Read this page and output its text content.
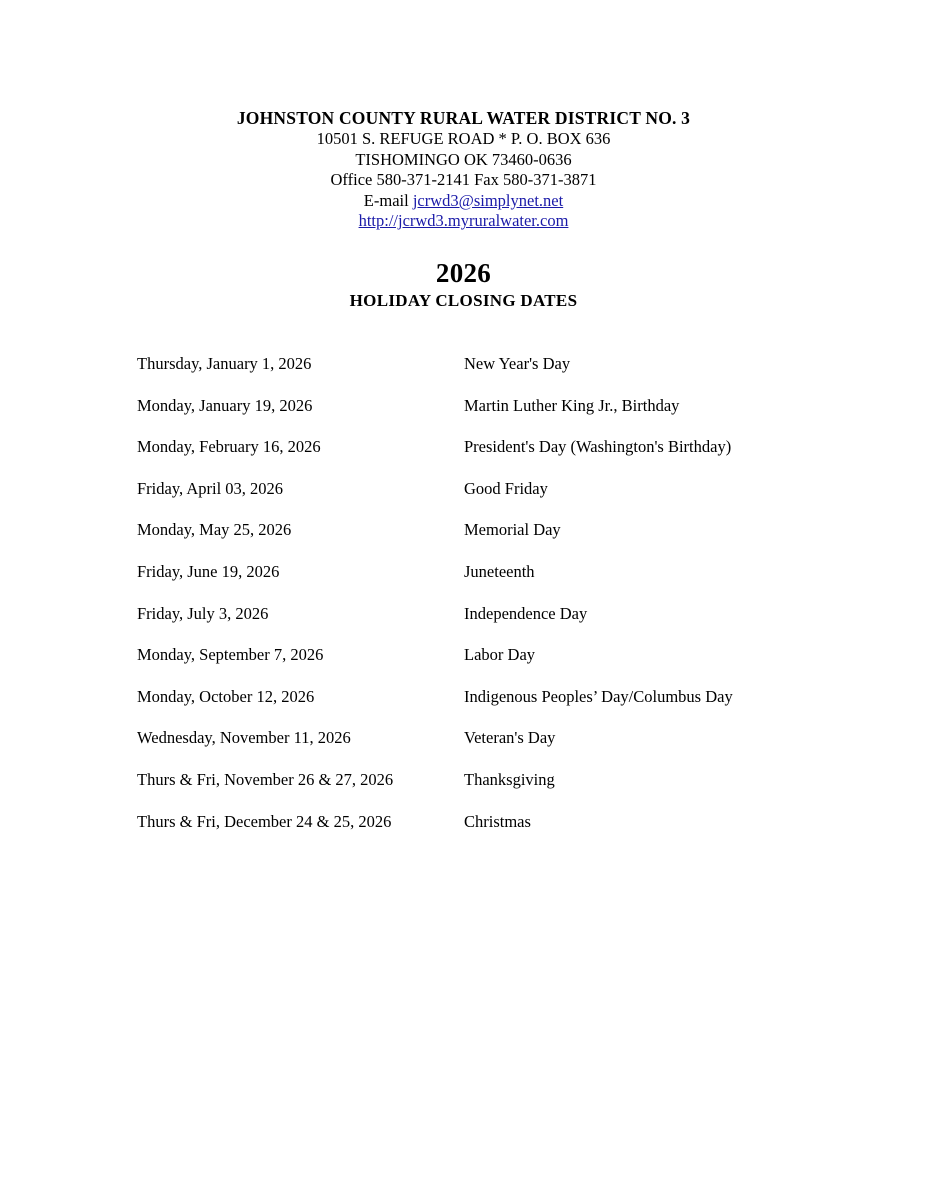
JOHNSTON COUNTY RURAL WATER DISTRICT NO. 3
10501 S. REFUGE ROAD * P. O. BOX 636
TISHOMINGO OK 73460-0636
Office 580-371-2141 Fax 580-371-3871
E-mail jcrwd3@simplynet.net
http://jcrwd3.myruralwater.com
2026
HOLIDAY CLOSING DATES
Thursday, January 1, 2026	New Year's Day
Monday, January 19, 2026	Martin Luther King Jr., Birthday
Monday, February 16, 2026	President's Day (Washington's Birthday)
Friday, April 03, 2026	Good Friday
Monday, May 25, 2026	Memorial Day
Friday, June 19, 2026	Juneteenth
Friday, July 3, 2026	Independence Day
Monday, September 7, 2026	Labor Day
Monday, October 12, 2026	Indigenous Peoples’ Day/Columbus Day
Wednesday, November 11, 2026	Veteran's Day
Thurs & Fri, November 26 & 27, 2026	Thanksgiving
Thurs & Fri, December 24 & 25, 2026	Christmas
